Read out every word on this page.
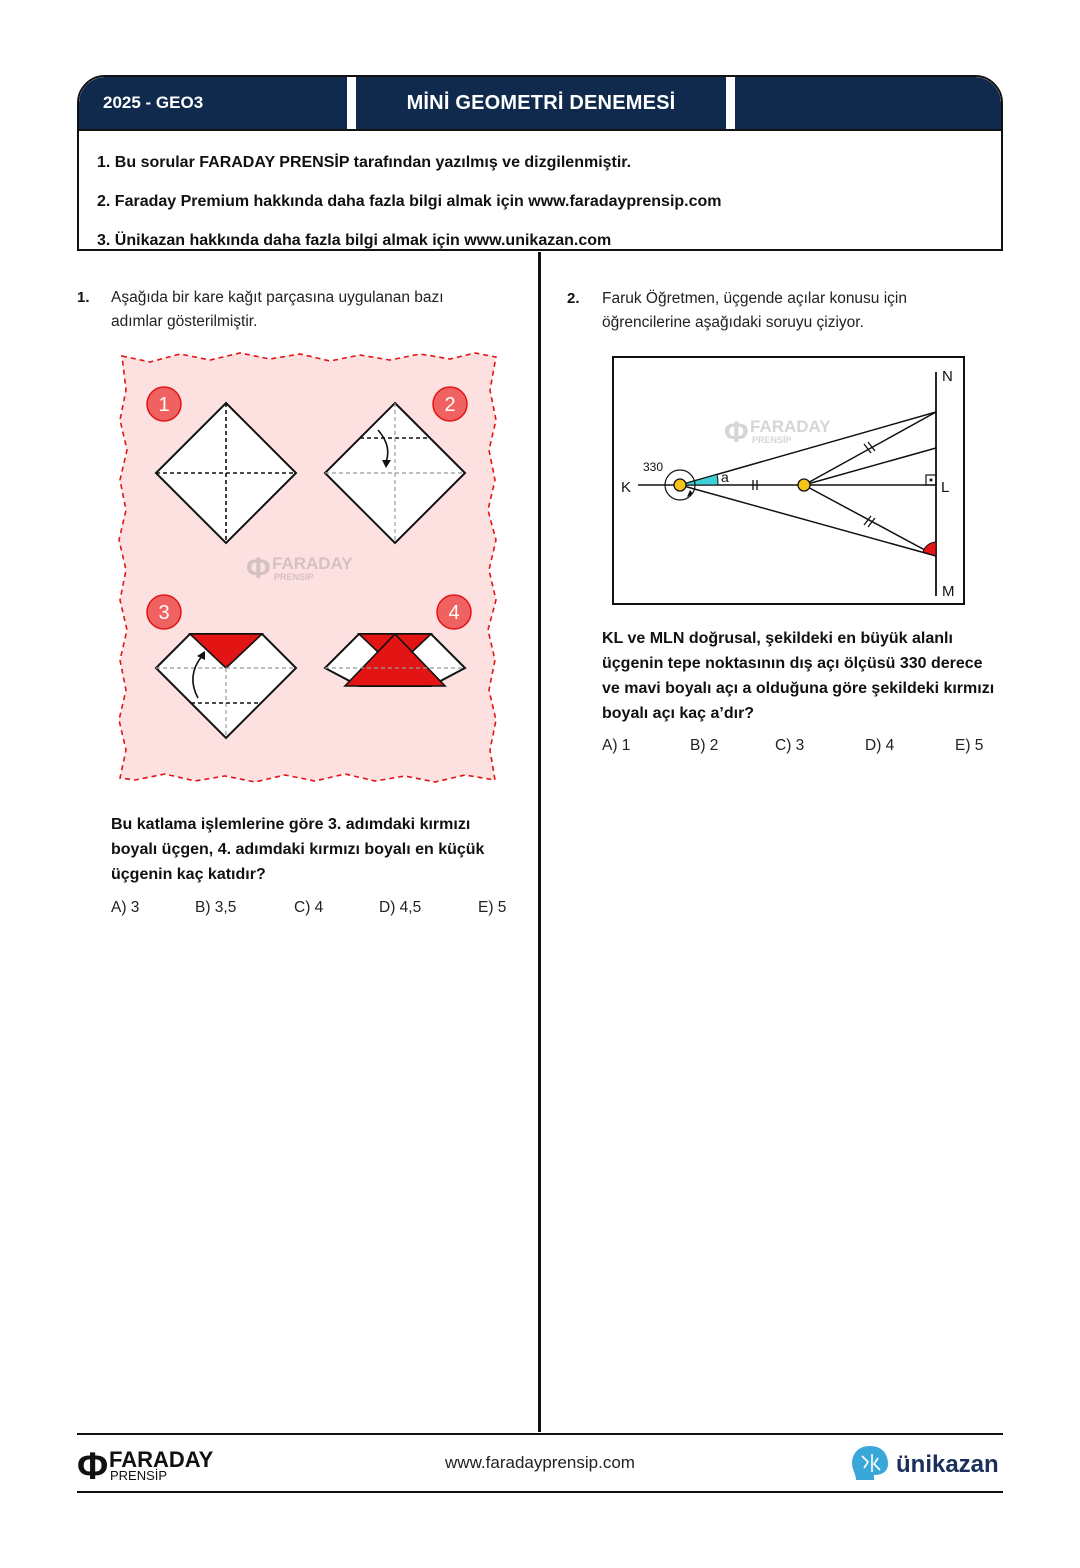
2025 - GEO3	MİNİ GEOMETRİ DENEMESİ
1. Bu sorular FARADAY PRENSİP tarafından yazılmış ve dizgilenmiştir.
2. Faraday Premium hakkında daha fazla bilgi almak için www.faradayprensip.com
3. Ünikazan hakkında daha fazla bilgi almak için www.unikazan.com
1. Aşağıda bir kare kağıt parçasına uygulanan bazı
adımlar gösterilmiştir.
Φ FARADAY
PRENSİP
1	2
3	4
Bu katlama işlemlerine göre 3. adımdaki kırmızı
boyalı üçgen, 4. adımdaki kırmızı boyalı en küçük
üçgenin kaç katıdır?
A) 3	B) 3,5	C) 4	D) 4,5	E) 5
2. Faruk Öğretmen, üçgende açılar konusu için
öğrencilerine aşağıdaki soruyu çiziyor.
Φ FARADAY
PRENSİP
N
L
M
K
330
a
KL ve MLN doğrusal, şekildeki en büyük alanlı
üçgenin tepe noktasının dış açı ölçüsü 330 derece
ve mavi boyalı açı a olduğuna göre şekildeki kırmızı
boyalı açı kaç a’dır?
A) 1	B) 2	C) 3	D) 4	E) 5
Φ FARADAY
PRENSİP
www.faradayprensip.com	ünikazan
